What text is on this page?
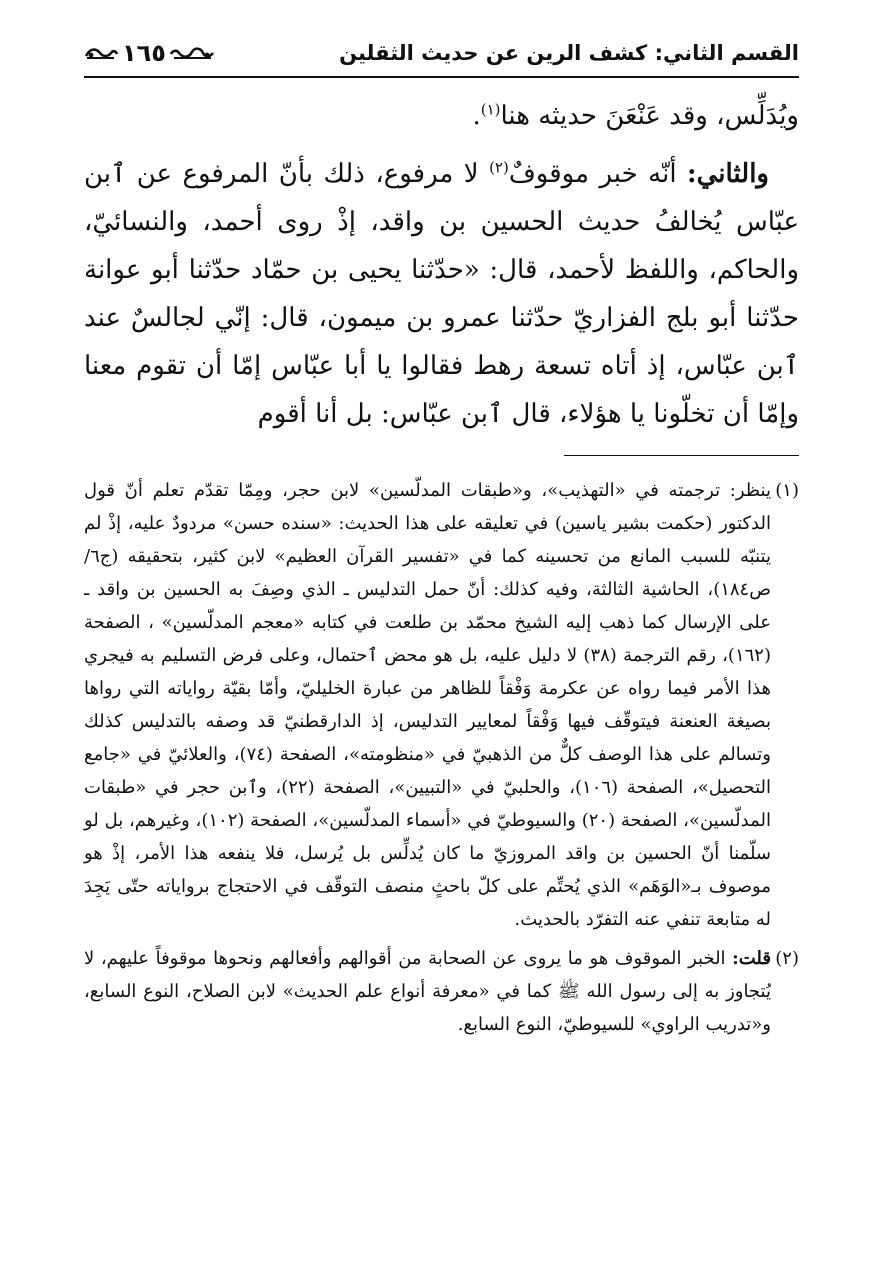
القسم الثاني: كشف الرين عن حديث الثقلين
١٦٥

ويُدَلِّس، وقد عَنْعَنَ حديثه هنا$^{(١)}$.

والثاني: أنّه خبر موقوفٌ$^{(٢)}$ لا مرفوع، ذلك بأنّ المرفوع عن ٱبن عبّاس يُخالفُ حديث الحسين بن واقد، إذْ روى أحمد، والنسائيّ، والحاكم، واللفظ لأحمد، قال: «حدّثنا يحيى بن حمّاد حدّثنا أبو عوانة حدّثنا أبو بلج الفزاريّ حدّثنا عمرو بن ميمون، قال: إنّي لجالسٌ عند ٱبن عبّاس، إذ أتاه تسعة رهط فقالوا يا أبا عبّاس إمّا أن تقوم معنا وإمّا أن تخلّونا يا هؤلاء، قال ٱبن عبّاس: بل أنا أقوم

(١)
ينظر: ترجمته في «التهذيب»، و«طبقات المدلّسين» لابن حجر، ومِمّا تقدّم تعلم أنّ قول الدكتور (حكمت بشير ياسين) في تعليقه على هذا الحديث: «سنده حسن» مردودٌ عليه، إذْ لم يتنبّه للسبب المانع من تحسينه كما في «تفسير القرآن العظيم» لابن كثير، بتحقيقه (ج٦/ ص١٨٤)، الحاشية الثالثة، وفيه كذلك: أنّ حمل التدليس ـ الذي وصِفَ به الحسين بن واقد ـ على الإرسال كما ذهب إليه الشيخ محمّد بن طلعت في كتابه «معجم المدلّسين» ، الصفحة (١٦٢)، رقم الترجمة (٣٨) لا دليل عليه، بل هو محض ٱحتمال، وعلى فرض التسليم به فيجري هذا الأمر فيما رواه عن عكرمة وَفْقاً للظاهر من عبارة الخليليّ، وأمّا بقيّة رواياته التي رواها بصيغة العنعنة فيتوقّف فيها وَفْقاً لمعايير التدليس، إذ الدارقطنيّ قد وصفه بالتدليس كذلك وتسالم على هذا الوصف كلٌّ من الذهبيّ في «منظومته»، الصفحة (٧٤)، والعلائيّ في «جامع التحصيل»، الصفحة (١٠٦)، والحلبيّ في «التبيين»، الصفحة (٢٢)، وٱبن حجر في «طبقات المدلّسين»، الصفحة (٢٠) والسيوطيّ في «أسماء المدلّسين»، الصفحة (١٠٢)، وغيرهم، بل لو سلّمنا أنّ الحسين بن واقد المروزيّ ما كان يُدلِّس بل يُرسل، فلا ينفعه هذا الأمر، إذْ هو موصوف بـ«الوَهَم» الذي يُحتِّم على كلّ باحثٍ منصف التوقّف في الاحتجاج برواياته حتّى يَجِدَ له متابعة تنفي عنه التفرّد بالحديث.

(٢)
قلت: الخبر الموقوف هو ما يروى عن الصحابة من أقوالهم وأفعالهم ونحوها موقوفاً عليهم، لا يُتجاوز به إلى رسول الله ﷺ كما في «معرفة أنواع علم الحديث» لابن الصلاح، النوع السابع، و«تدريب الراوي» للسيوطيّ، النوع السابع.
